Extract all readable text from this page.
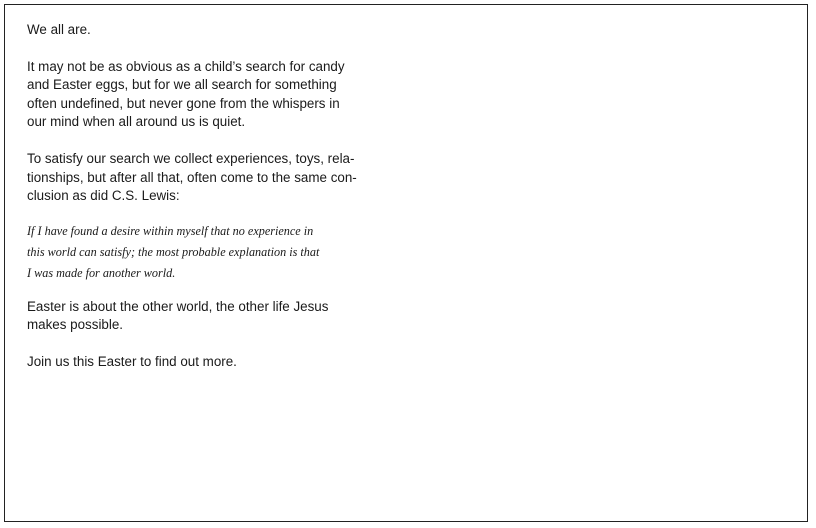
We all are.

It may not be as obvious as a child’s search for candy
and Easter eggs, but for we all search for something
often undefined, but never gone from the whispers in
our mind when all around us is quiet.

To satisfy our search we collect experiences, toys, rela-
tionships, but after all that, often come to the same con-
clusion as did C.S. Lewis:

If I have found a desire within myself that no experience in
this world can satisfy; the most probable explanation is that
I was made for another world.

Easter is about the other world, the other life Jesus
makes possible.

Join us this Easter to find out more.
